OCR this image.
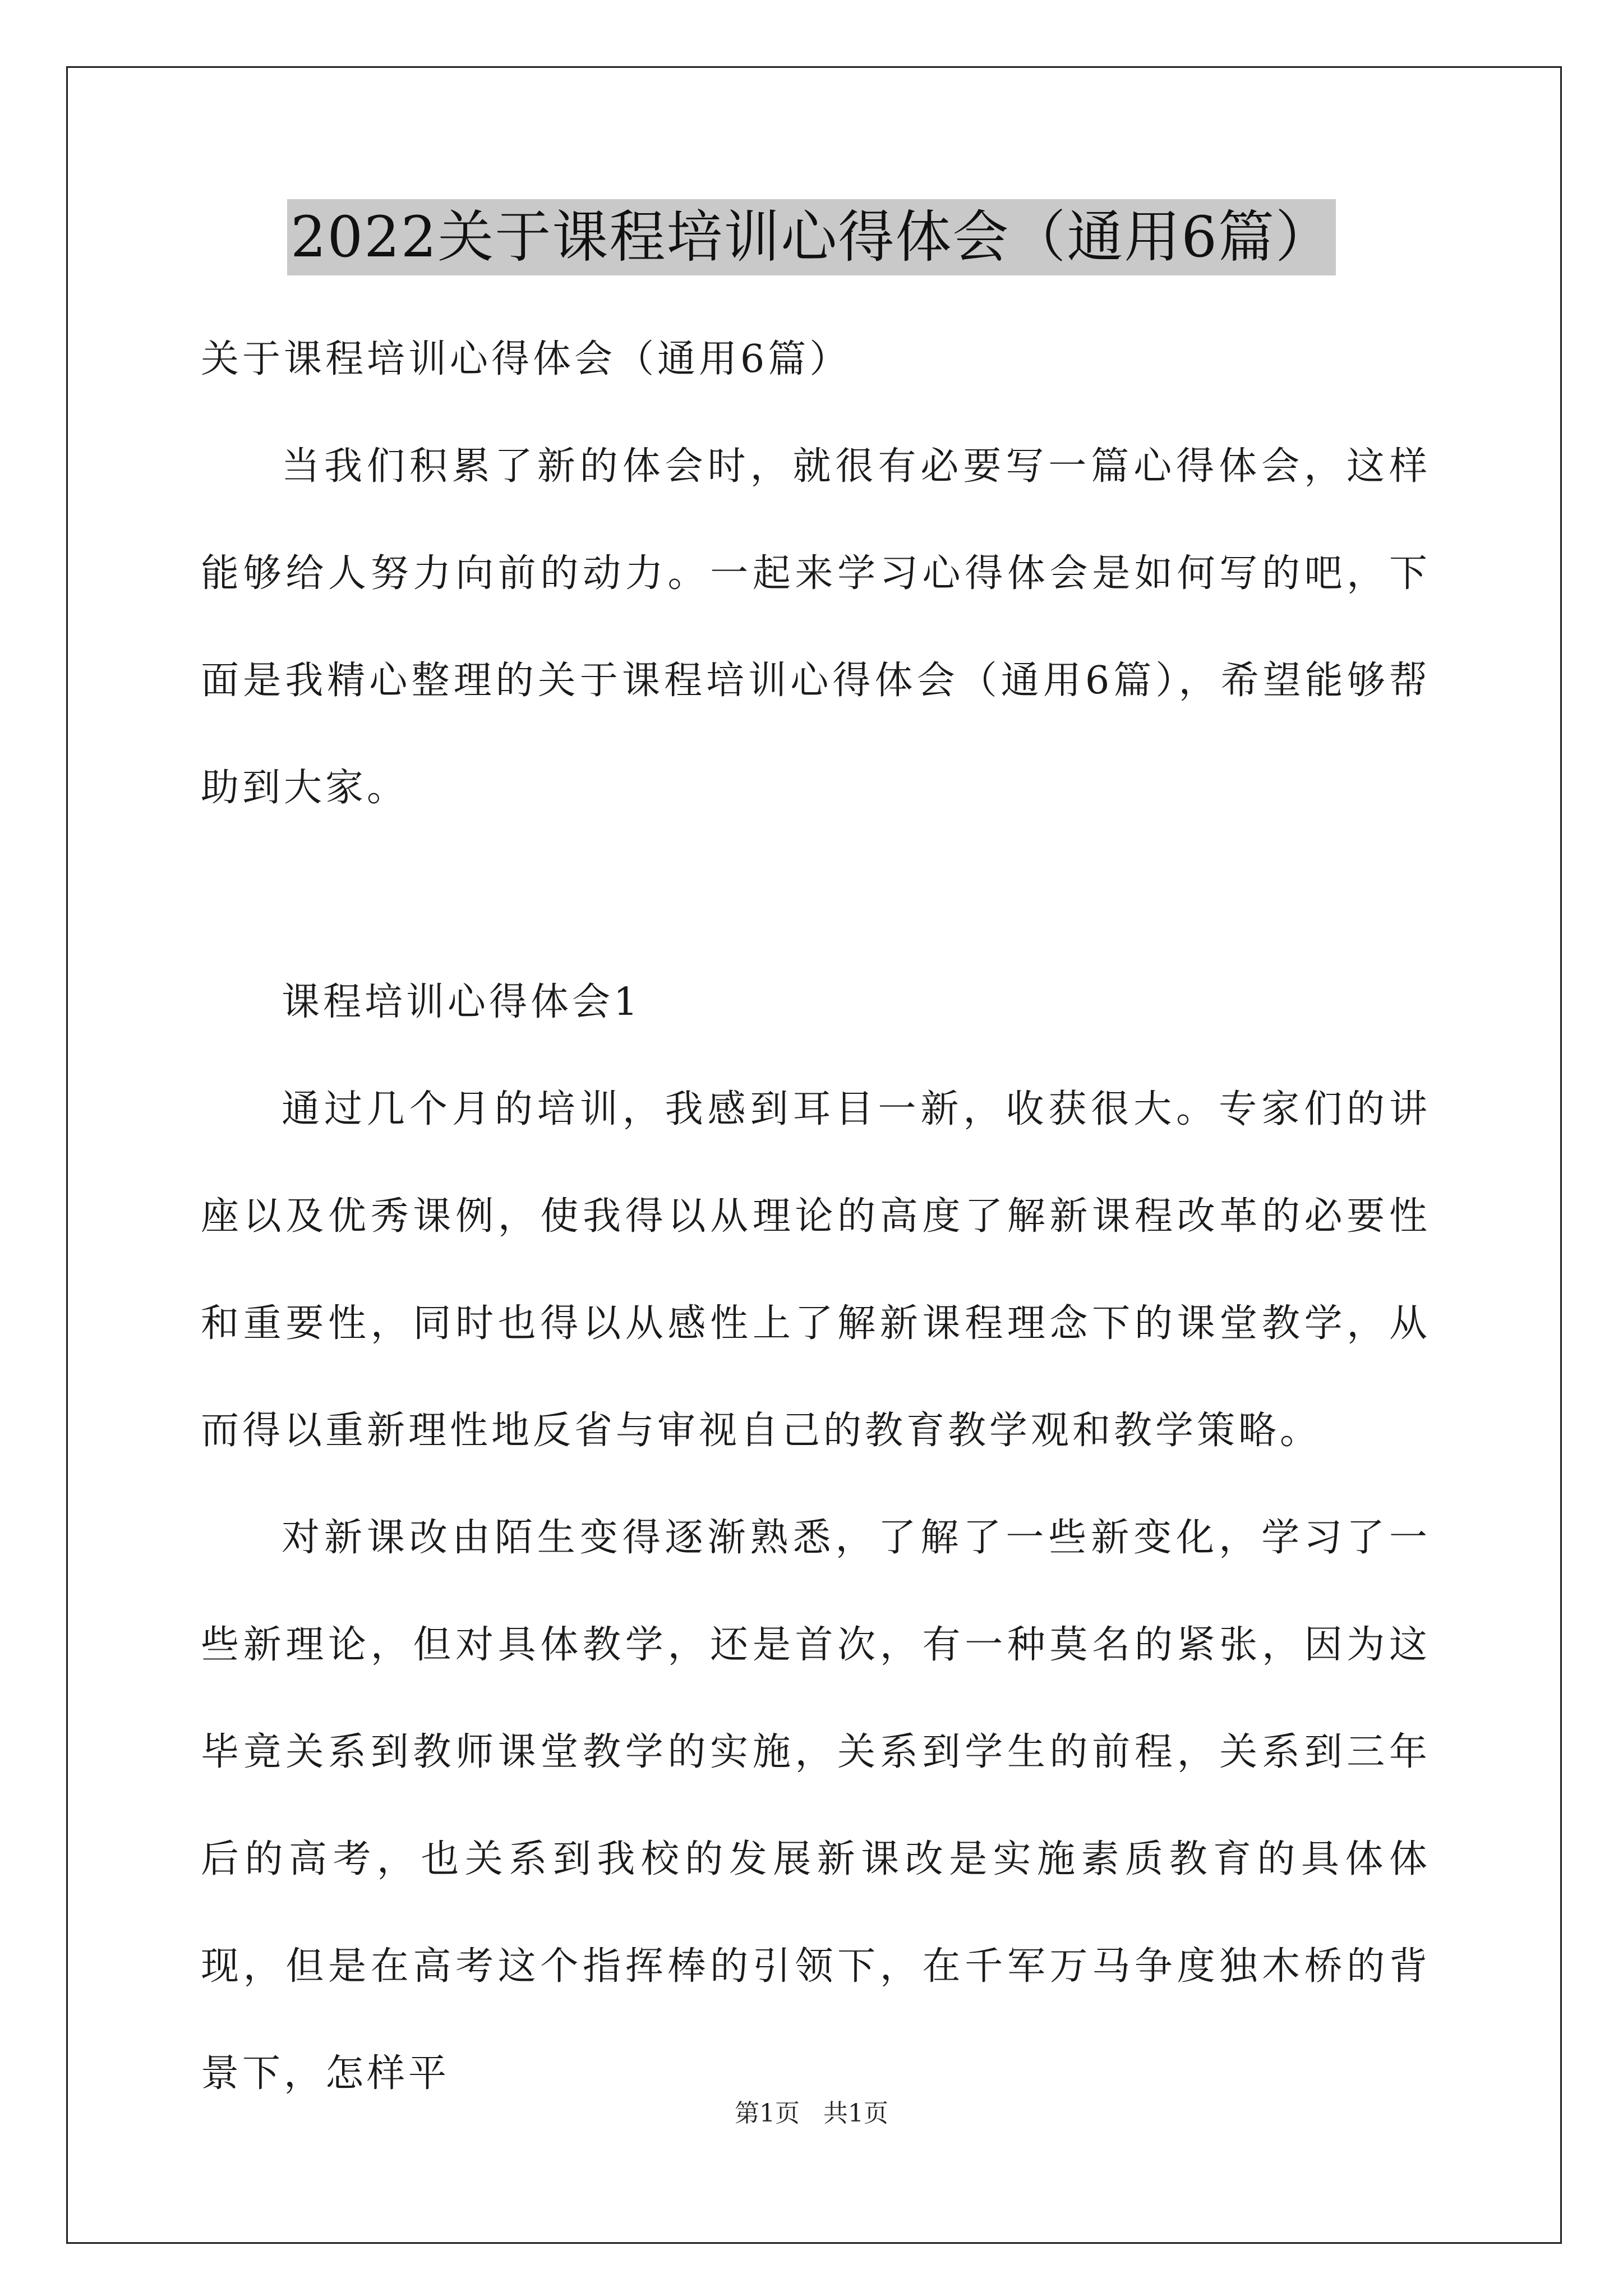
2022关于课程培训心得体会（通用6篇）

关于课程培训心得体会（通用6篇）

当我们积累了新的体会时，就很有必要写一篇心得体会，这样能够给人努力向前的动力。一起来学习心得体会是如何写的吧，下面是我精心整理的关于课程培训心得体会（通用6篇），希望能够帮助到大家。

课程培训心得体会1

通过几个月的培训，我感到耳目一新，收获很大。专家们的讲座以及优秀课例，使我得以从理论的高度了解新课程改革的必要性和重要性，同时也得以从感性上了解新课程理念下的课堂教学，从而得以重新理性地反省与审视自己的教育教学观和教学策略。

对新课改由陌生变得逐渐熟悉，了解了一些新变化，学习了一些新理论，但对具体教学，还是首次，有一种莫名的紧张，因为这毕竟关系到教师课堂教学的实施，关系到学生的前程，关系到三年后的高考，也关系到我校的发展新课改是实施素质教育的具体体现，但是在高考这个指挥棒的引领下，在千军万马争度独木桥的背景下，怎样平

第1页 共1页
